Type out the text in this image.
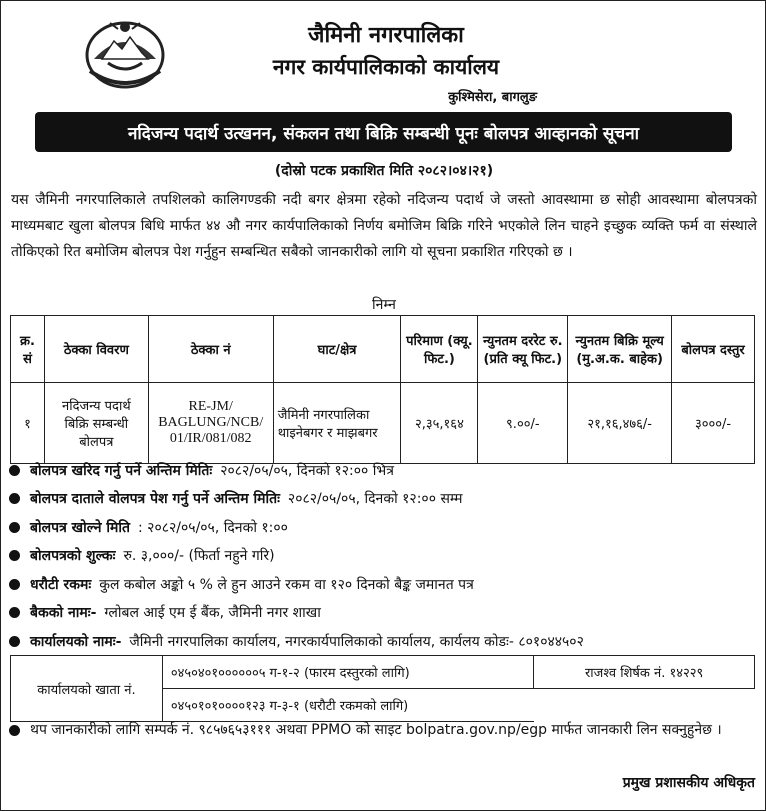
जैमिनी नगरपालिका
नगर कार्यपालिकाको कार्यालय
कुश्मिसेरा, बागलुङ
नदिजन्य पदार्थ उत्खनन, संकलन तथा बिक्रि सम्बन्धी पूनः बोलपत्र आव्हानको सूचना
(दोस्रो पटक प्रकाशित मिति २०८२।०४।२१)
यस जैमिनी नगरपालिकाले तपशिलको कालिगण्डकी नदी बगर क्षेत्रमा रहेको नदिजन्य पदार्थ जे जस्तो आवस्थामा छ सोही आवस्थामा बोलपत्रको माध्यमबाट खुला बोलपत्र बिधि मार्फत ४४ औ नगर कार्यपालिकाको निर्णय बमोजिम बिक्रि गरिने भएकोले लिन चाहने इच्छुक व्यक्ति फर्म वा संस्थाले तोकिएको रित बमोजिम बोलपत्र पेश गर्नुहुन सम्बन्धित सबैको जानकारीको लागि यो सूचना प्रकाशित गरिएको छ ।
निम्न
क्र. सं	ठेक्का विवरण	ठेक्का नं	घाट/क्षेत्र	परिमाण (क्यू. फिट.)	न्युनतम दररेट रु. (प्रति क्यू फिट.)	न्युनतम बिक्रि मूल्य (मु.अ.क. बाहेक)	बोलपत्र दस्तुर
१	नदिजन्य पदार्थ बिक्रि सम्बन्धी बोलपत्र	RE-JM/ BAGLUNG/NCB/ 01/IR/081/082	जैमिनी नगरपालिका थाइनेबगर र माझबगर	२,३५,१६४	९.००/-	२१,१६,४७६/-	३०००/-
बोलपत्र खरिद गर्नु पर्ने अन्तिम मितिः २०८२/०५/०५, दिनको १२:०० भित्र
बोलपत्र दाताले वोलपत्र पेश गर्नु पर्ने अन्तिम मितिः २०८२/०५/०५, दिनको १२:०० सम्म
बोलपत्र खोल्ने मिति : २०८२/०५/०५, दिनको १:००
बोलपत्रको शुल्कः रु. ३,०००/- (फिर्ता नहुने गरि)
धरौटी रकमः कुल कबोल अङ्को ५ % ले हुन आउने रकम वा १२० दिनको बैङ्क जमानत पत्र
बैकको नामः- ग्लोबल आई एम ई बैंक, जैमिनी नगर शाखा
कार्यालयको नामः- जैमिनी नगरपालिका कार्यालय, नगरकार्यपालिकाको कार्यालय, कार्यलय कोडः- ८०१०४४५०२
कार्यालयको खाता नं.	०४५०४०१००००००५ ग-१-२ (फारम दस्तुरको लागि)	राजश्व शिर्षक नं. १४२२९
	०४५०१०१००००१२३ ग-३-१ (धरौटी रकमको लागि)	
थप जानकारीको लागि सम्पर्क नं. ९८५७६५३१११ अथवा PPMO को साइट bolpatra.gov.np/egp मार्फत जानकारी लिन सक्नुहुनेछ ।
प्रमुख प्रशासकीय अधिकृत
